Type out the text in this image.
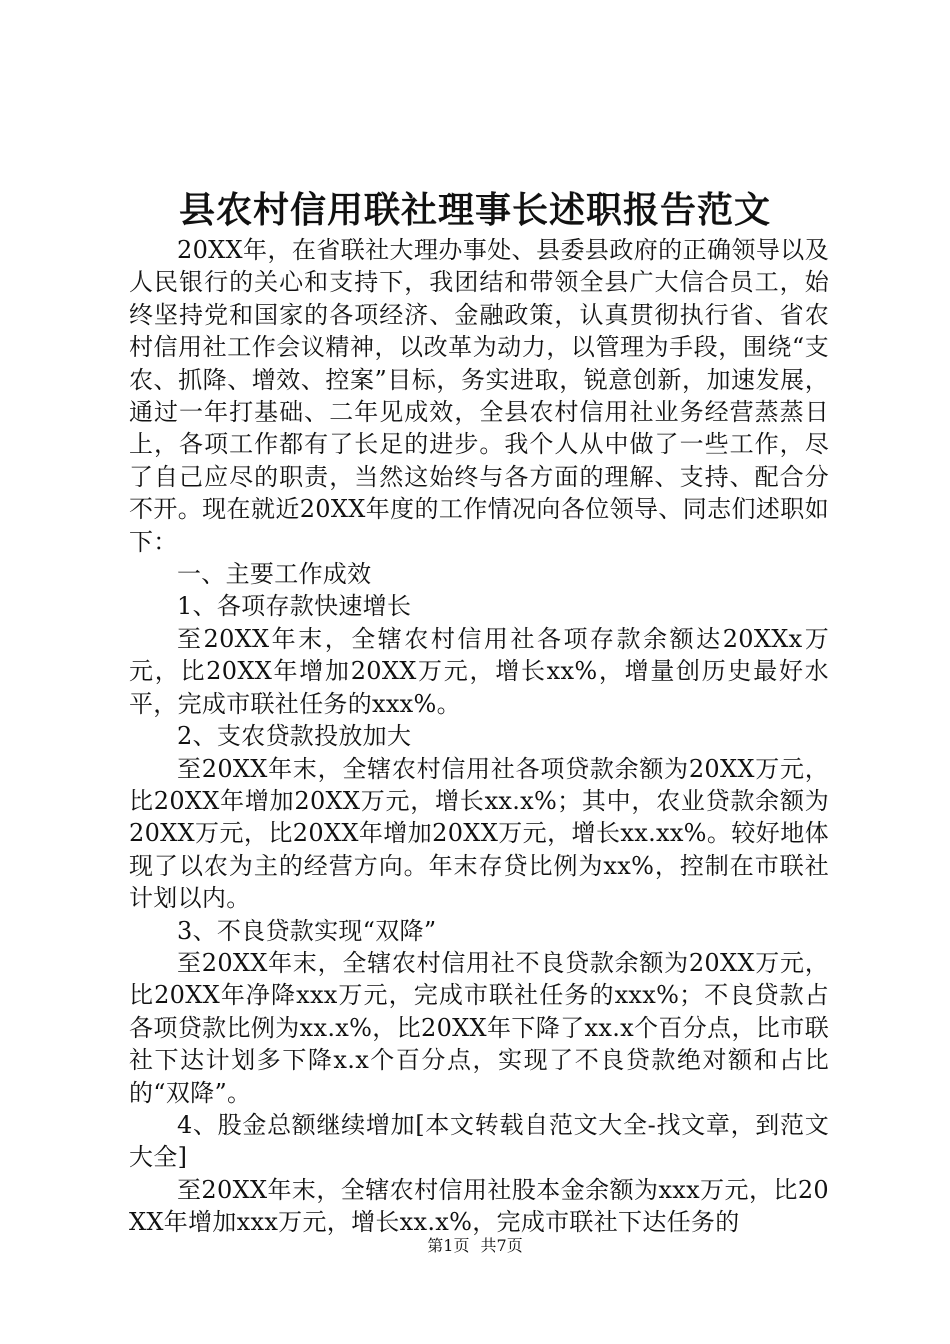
县农村信用联社理事长述职报告范文

20XX年，在省联社大理办事处、县委县政府的正确领导以及人民银行的关心和支持下，我团结和带领全县广大信合员工，始终坚持党和国家的各项经济、金融政策，认真贯彻执行省、省农村信用社工作会议精神，以改革为动力，以管理为手段，围绕“支农、抓降、增效、控案”目标，务实进取，锐意创新，加速发展，通过一年打基础、二年见成效，全县农村信用社业务经营蒸蒸日上，各项工作都有了长足的进步。我个人从中做了一些工作，尽了自己应尽的职责，当然这始终与各方面的理解、支持、配合分不开。现在就近20XX年度的工作情况向各位领导、同志们述职如下：

一、主要工作成效

1、各项存款快速增长

至20XX年末，全辖农村信用社各项存款余额达20XXx万元，比20XX年增加20XX万元，增长xx%，增量创历史最好水平，完成市联社任务的xxx%。

2、支农贷款投放加大

至20XX年末，全辖农村信用社各项贷款余额为20XX万元，比20XX年增加20XX万元，增长xx.x%；其中，农业贷款余额为20XX万元，比20XX年增加20XX万元，增长xx.xx%。较好地体现了以农为主的经营方向。年末存贷比例为xx%，控制在市联社计划以内。

3、不良贷款实现“双降”

至20XX年末，全辖农村信用社不良贷款余额为20XX万元，比20XX年净降xxx万元，完成市联社任务的xxx%；不良贷款占各项贷款比例为xx.x%，比20XX年下降了xx.x个百分点，比市联社下达计划多下降x.x个百分点，实现了不良贷款绝对额和占比的“双降”。

4、股金总额继续增加[本文转载自范文大全-找文章，到范文大全]

至20XX年末，全辖农村信用社股本金余额为xxx万元，比20XX年增加xxx万元，增长xx.x%，完成市联社下达任务的

第1页 共7页
